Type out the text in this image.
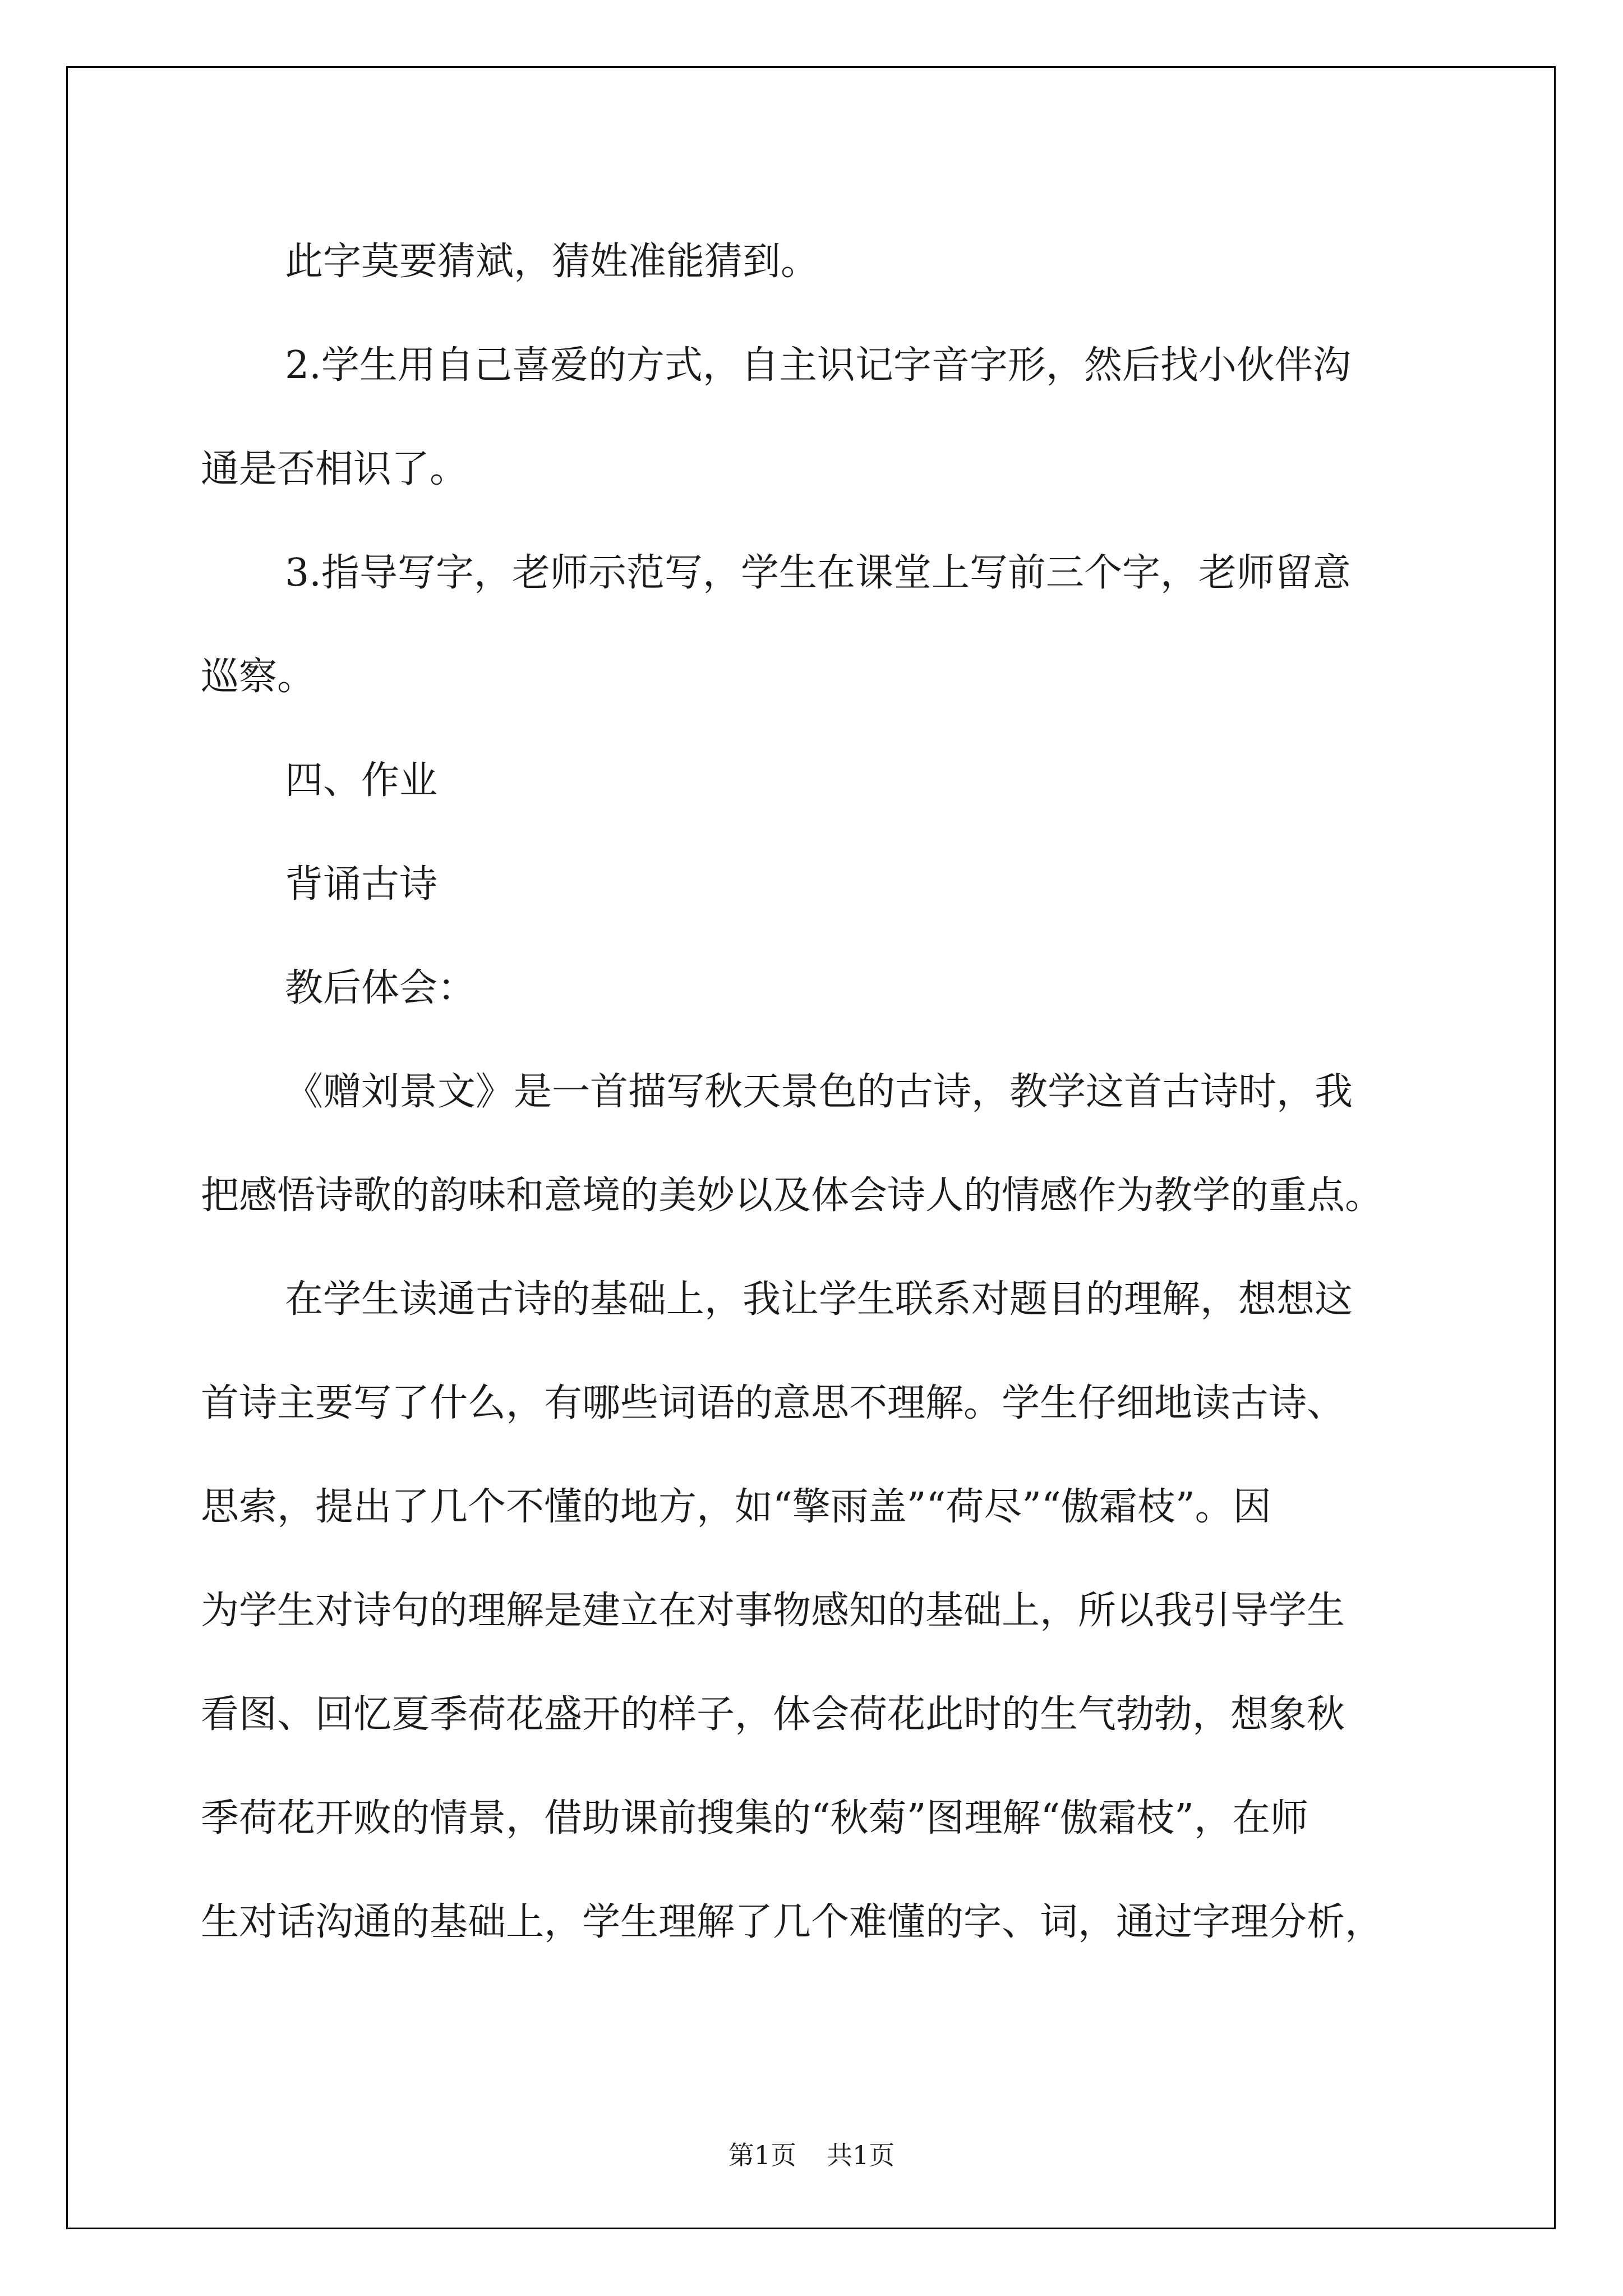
此字莫要猜斌，猜姓准能猜到。
2.学生用自己喜爱的方式，自主识记字音字形，然后找小伙伴沟
通是否相识了。
3.指导写字，老师示范写，学生在课堂上写前三个字，老师留意
巡察。
四、作业
背诵古诗
教后体会：
《赠刘景文》是一首描写秋天景色的古诗，教学这首古诗时，我
把感悟诗歌的韵味和意境的美妙以及体会诗人的情感作为教学的重点。
在学生读通古诗的基础上，我让学生联系对题目的理解，想想这
首诗主要写了什么，有哪些词语的意思不理解。学生仔细地读古诗、
思索，提出了几个不懂的地方，如“擎雨盖”“荷尽”“傲霜枝”。因
为学生对诗句的理解是建立在对事物感知的基础上，所以我引导学生
看图、回忆夏季荷花盛开的样子，体会荷花此时的生气勃勃，想象秋
季荷花开败的情景，借助课前搜集的“秋菊”图理解“傲霜枝”，在师
生对话沟通的基础上，学生理解了几个难懂的字、词，通过字理分析，
第1页 共1页
